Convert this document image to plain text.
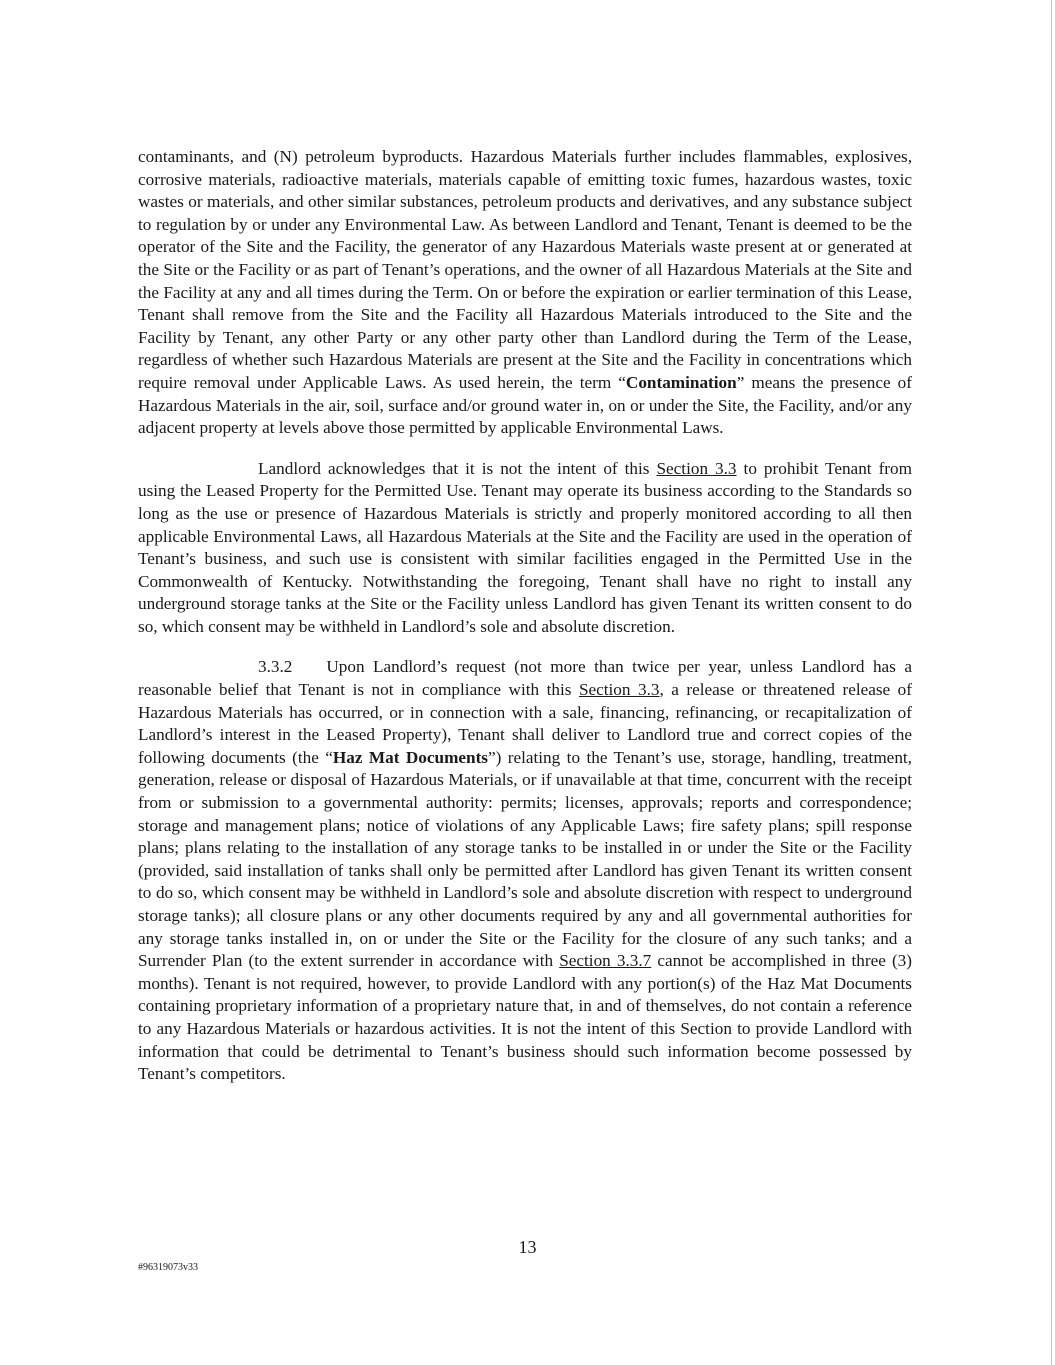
contaminants, and (N) petroleum byproducts. Hazardous Materials further includes flammables, explosives, corrosive materials, radioactive materials, materials capable of emitting toxic fumes, hazardous wastes, toxic wastes or materials, and other similar substances, petroleum products and derivatives, and any substance subject to regulation by or under any Environmental Law. As between Landlord and Tenant, Tenant is deemed to be the operator of the Site and the Facility, the generator of any Hazardous Materials waste present at or generated at the Site or the Facility or as part of Tenant’s operations, and the owner of all Hazardous Materials at the Site and the Facility at any and all times during the Term. On or before the expiration or earlier termination of this Lease, Tenant shall remove from the Site and the Facility all Hazardous Materials introduced to the Site and the Facility by Tenant, any other Party or any other party other than Landlord during the Term of the Lease, regardless of whether such Hazardous Materials are present at the Site and the Facility in concentrations which require removal under Applicable Laws. As used herein, the term “Contamination” means the presence of Hazardous Materials in the air, soil, surface and/or ground water in, on or under the Site, the Facility, and/or any adjacent property at levels above those permitted by applicable Environmental Laws.

Landlord acknowledges that it is not the intent of this Section 3.3 to prohibit Tenant from using the Leased Property for the Permitted Use. Tenant may operate its business according to the Standards so long as the use or presence of Hazardous Materials is strictly and properly monitored according to all then applicable Environmental Laws, all Hazardous Materials at the Site and the Facility are used in the operation of Tenant’s business, and such use is consistent with similar facilities engaged in the Permitted Use in the Commonwealth of Kentucky. Notwithstanding the foregoing, Tenant shall have no right to install any underground storage tanks at the Site or the Facility unless Landlord has given Tenant its written consent to do so, which consent may be withheld in Landlord’s sole and absolute discretion.

3.3.2 Upon Landlord’s request (not more than twice per year, unless Landlord has a reasonable belief that Tenant is not in compliance with this Section 3.3, a release or threatened release of Hazardous Materials has occurred, or in connection with a sale, financing, refinancing, or recapitalization of Landlord’s interest in the Leased Property), Tenant shall deliver to Landlord true and correct copies of the following documents (the “Haz Mat Documents”) relating to the Tenant’s use, storage, handling, treatment, generation, release or disposal of Hazardous Materials, or if unavailable at that time, concurrent with the receipt from or submission to a governmental authority: permits; licenses, approvals; reports and correspondence; storage and management plans; notice of violations of any Applicable Laws; fire safety plans; spill response plans; plans relating to the installation of any storage tanks to be installed in or under the Site or the Facility (provided, said installation of tanks shall only be permitted after Landlord has given Tenant its written consent to do so, which consent may be withheld in Landlord’s sole and absolute discretion with respect to underground storage tanks); all closure plans or any other documents required by any and all governmental authorities for any storage tanks installed in, on or under the Site or the Facility for the closure of any such tanks; and a Surrender Plan (to the extent surrender in accordance with Section 3.3.7 cannot be accomplished in three (3) months). Tenant is not required, however, to provide Landlord with any portion(s) of the Haz Mat Documents containing proprietary information of a proprietary nature that, in and of themselves, do not contain a reference to any Hazardous Materials or hazardous activities. It is not the intent of this Section to provide Landlord with information that could be detrimental to Tenant’s business should such information become possessed by Tenant’s competitors.

13
#96319073v33
